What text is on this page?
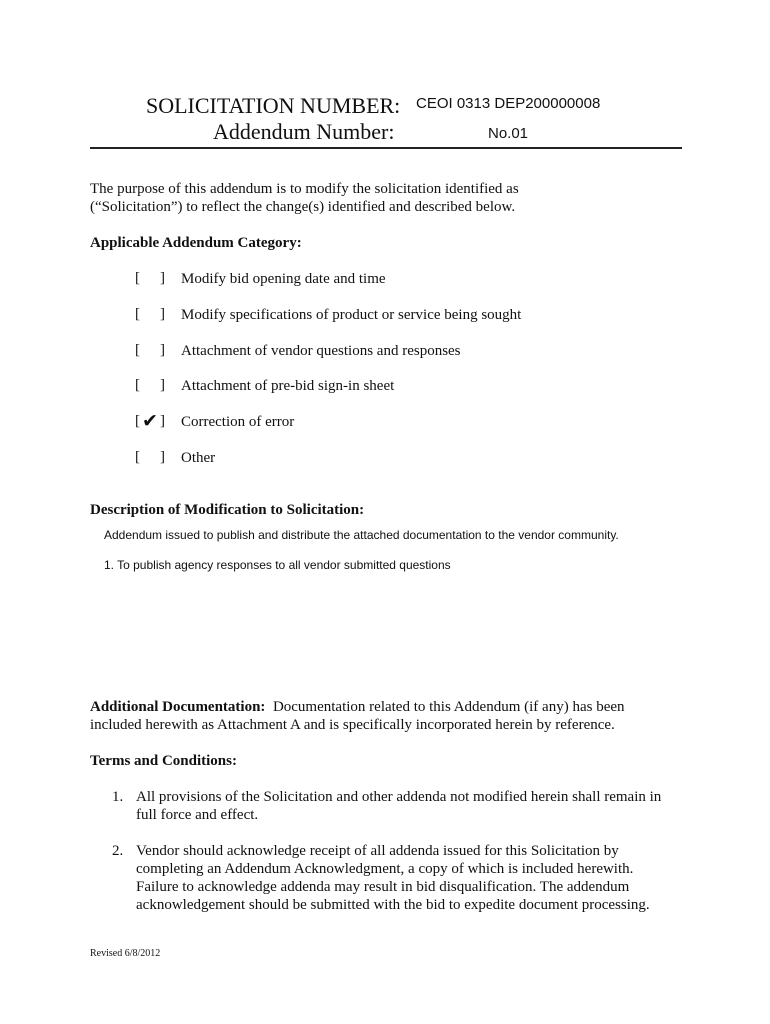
SOLICITATION NUMBER: CEOI 0313 DEP200000008
Addendum Number:	No.01
The purpose of this addendum is to modify the solicitation identified as
(“Solicitation”) to reflect the change(s) identified and described below.
Applicable Addendum Category:
[ ] Modify bid opening date and time
[ ] Modify specifications of product or service being sought
[ ] Attachment of vendor questions and responses
[ ] Attachment of pre-bid sign-in sheet
[ ]
✔ Correction of error
[ ] Other
Description of Modification to Solicitation:
Addendum issued to publish and distribute the attached documentation to the vendor community.
1. To publish agency responses to all vendor submitted questions
Additional Documentation: Documentation related to this Addendum (if any) has been
included herewith as Attachment A and is specifically incorporated herein by reference.
Terms and Conditions:
1. All provisions of the Solicitation and other addenda not modified herein shall remain in
full force and effect.
2. Vendor should acknowledge receipt of all addenda issued for this Solicitation by
completing an Addendum Acknowledgment, a copy of which is included herewith.
Failure to acknowledge addenda may result in bid disqualification. The addendum
acknowledgement should be submitted with the bid to expedite document processing.
Revised 6/8/2012
